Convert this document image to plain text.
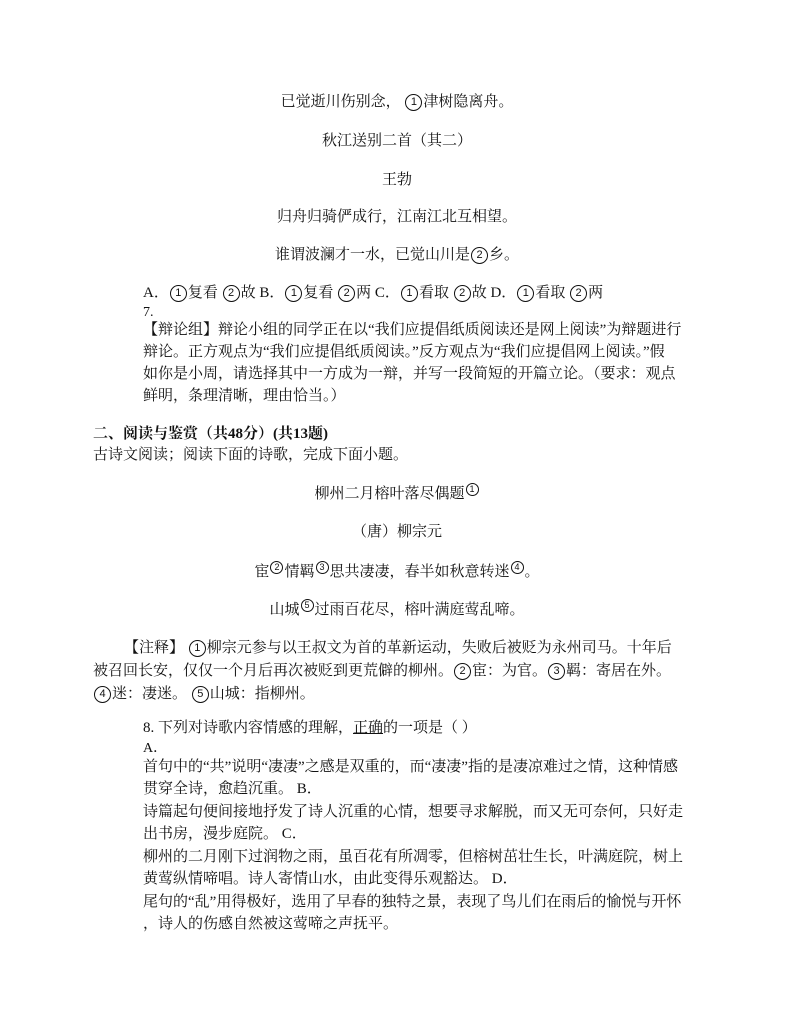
已觉逝川伤别念， 1 津树隐离舟。
秋江送别二首（其二）
王勃
归舟归骑俨成行，江南江北互相望。
谁谓波澜才一水，已觉山川是 2 乡。
A． 1 复看 2 故 B． 1 复看 2 两 C． 1 看取 2 故 D． 1 看取 2 两
7.
【辩论组】辩论小组的同学正在以“我们应提倡纸质阅读还是网上阅读”为辩题进行
辩论。正方观点为“我们应提倡纸质阅读。”反方观点为“我们应提倡网上阅读。”假
如你是小周，请选择其中一方成为一辩，并写一段简短的开篇立论。（要求：观点
鲜明，条理清晰，理由恰当。）
二、阅读与鉴赏（共48分）(共13题)
古诗文阅读；阅读下面的诗歌，完成下面小题。
柳州二月榕叶落尽偶题 1
（唐）柳宗元
宦 2 情羁 3 思共凄凄，春半如秋意转迷 4 。
山城 5 过雨百花尽，榕叶满庭莺乱啼。
【注释】 1 柳宗元参与以王叔文为首的革新运动，失败后被贬为永州司马。十年后
被召回长安，仅仅一个月后再次被贬到更荒僻的柳州。 2 宦：为官。 3 羁：寄居在外。
4 迷：凄迷。 5 山城：指柳州。
8. 下列对诗歌内容情感的理解，正确的一项是（ ）
A．
首句中的“共”说明“凄凄”之感是双重的，而“凄凄”指的是凄凉难过之情，这种情感
贯穿全诗，愈趋沉重。 B．
诗篇起句便间接地抒发了诗人沉重的心情，想要寻求解脱，而又无可奈何，只好走
出书房，漫步庭院。 C．
柳州的二月刚下过润物之雨，虽百花有所凋零，但榕树茁壮生长，叶满庭院，树上
黄莺纵情啼唱。诗人寄情山水，由此变得乐观豁达。 D．
尾句的“乱”用得极好，选用了早春的独特之景，表现了鸟儿们在雨后的愉悦与开怀
，诗人的伤感自然被这莺啼之声抚平。
